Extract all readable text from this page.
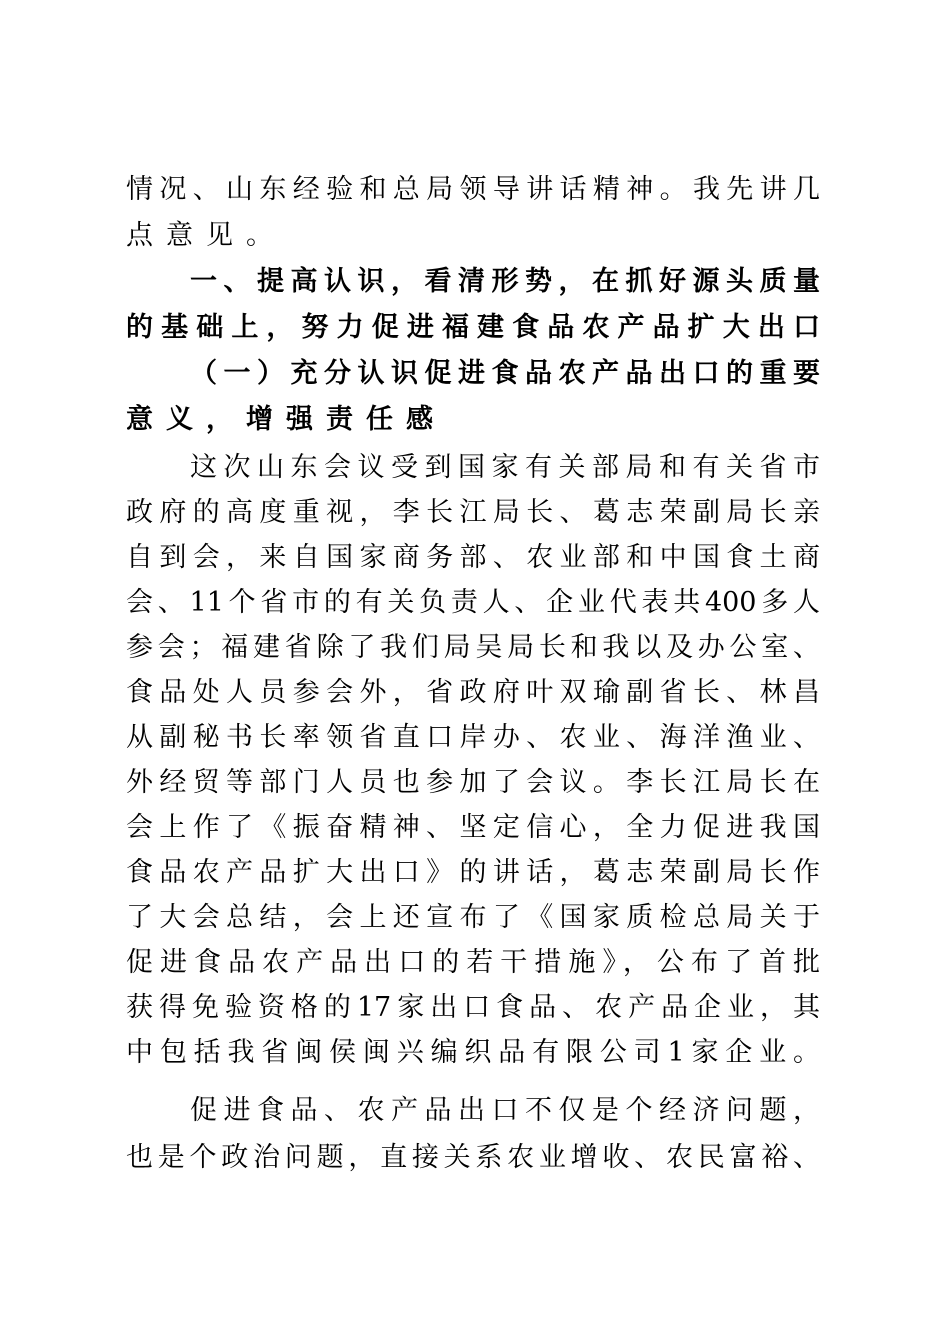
情况、山东经验和总局领导讲话精神。我先讲几
点意见。
一、提高认识，看清形势，在抓好源头质量
的基础上，努力促进福建食品农产品扩大出口
（一）充分认识促进食品农产品出口的重要
意义，增强责任感
这次山东会议受到国家有关部局和有关省市
政府的高度重视，李长江局长、葛志荣副局长亲
自到会，来自国家商务部、农业部和中国食土商
会、11个省市的有关负责人、企业代表共400多人
参会；福建省除了我们局吴局长和我以及办公室、
食品处人员参会外，省政府叶双瑜副省长、林昌
从副秘书长率领省直口岸办、农业、海洋渔业、
外经贸等部门人员也参加了会议。李长江局长在
会上作了《振奋精神、坚定信心，全力促进我国
食品农产品扩大出口》的讲话，葛志荣副局长作
了大会总结，会上还宣布了《国家质检总局关于
促进食品农产品出口的若干措施》，公布了首批
获得免验资格的17家出口食品、农产品企业，其
中包括我省闽侯闽兴编织品有限公司1家企业。
促进食品、农产品出口不仅是个经济问题，
也是个政治问题，直接关系农业增收、农民富裕、
